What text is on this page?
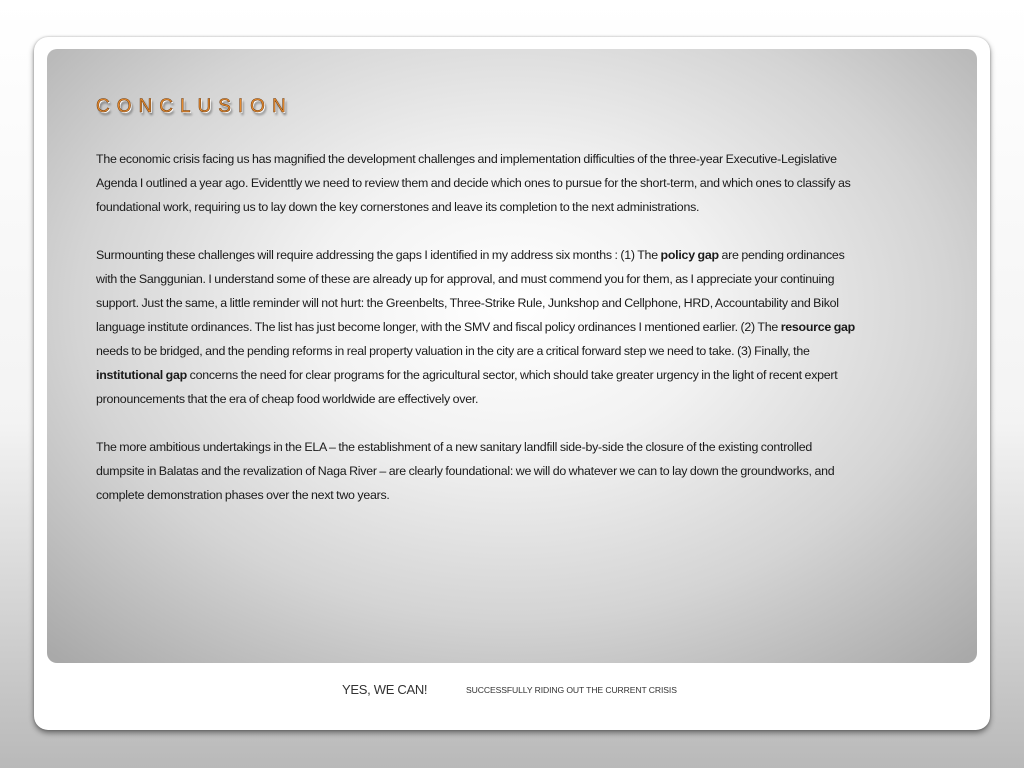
CONCLUSION

The economic crisis facing us has magnified the development challenges and implementation difficulties of the three-year Executive-Legislative Agenda I outlined a year ago. Evidenttly we need to review them and decide which ones to pursue for the short-term, and which ones to classify as foundational work, requiring us to lay down the key cornerstones and leave its completion to the next administrations.

Surmounting these challenges will require addressing the gaps I identified in my address six months : (1) The policy gap are pending ordinances with the Sanggunian. I understand some of these are already up for approval, and must commend you for them, as I appreciate your continuing support. Just the same, a little reminder will not hurt: the Greenbelts, Three-Strike Rule, Junkshop and Cellphone, HRD, Accountability and Bikol language institute ordinances. The list has just become longer, with the SMV and fiscal policy ordinances I mentioned earlier. (2) The resource gap needs to be bridged, and the pending reforms in real property valuation in the city are a critical forward step we need to take. (3) Finally, the institutional gap concerns the need for clear programs for the agricultural sector, which should take greater urgency in the light of recent expert pronouncements that the era of cheap food worldwide are effectively over.

The more ambitious undertakings in the ELA – the establishment of a new sanitary landfill side-by-side the closure of the existing controlled dumpsite in Balatas and the revalization of Naga River – are clearly foundational: we will do whatever we can to lay down the groundworks, and complete demonstration phases over the next two years.

YES, WE CAN!	SUCCESSFULLY RIDING OUT THE CURRENT CRISIS
